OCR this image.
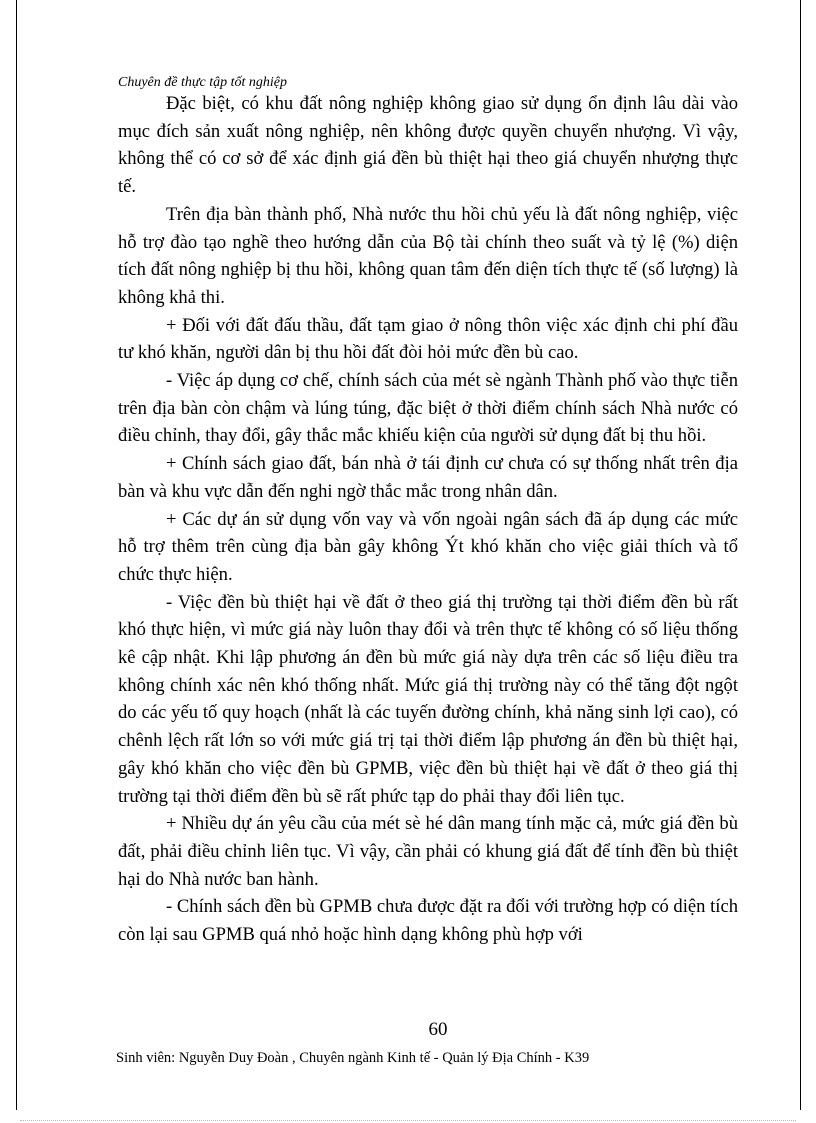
Chuyên đề thực tập tốt nghiệp

Đặc biệt, có khu đất nông nghiệp không giao sử dụng ổn định lâu dài vào mục đích sản xuất nông nghiệp, nên không được quyền chuyển nhượng. Vì vậy, không thể có cơ sở để xác định giá đền bù thiệt hại theo giá chuyển nhượng thực tế.

Trên địa bàn thành phố, Nhà nước thu hồi chủ yếu là đất nông nghiệp, việc hỗ trợ đào tạo nghề theo hướng dẫn của Bộ tài chính theo suất và tỷ lệ (%) diện tích đất nông nghiệp bị thu hồi, không quan tâm đến diện tích thực tế (số lượng) là không khả thi.

+ Đối với đất đấu thầu, đất tạm giao ở nông thôn việc xác định chi phí đầu tư khó khăn, người dân bị thu hồi đất đòi hỏi mức đền bù cao.

- Việc áp dụng cơ chế, chính sách của mét sè ngành Thành phố vào thực tiễn trên địa bàn còn chậm và lúng túng, đặc biệt ở thời điểm chính sách Nhà nước có điều chỉnh, thay đổi, gây thắc mắc khiếu kiện của người sử dụng đất bị thu hồi.

+ Chính sách giao đất, bán nhà ở tái định cư chưa có sự thống nhất trên địa bàn và khu vực dẫn đến nghi ngờ thắc mắc trong nhân dân.

+ Các dự án sử dụng vốn vay và vốn ngoài ngân sách đã áp dụng các mức hỗ trợ thêm trên cùng địa bàn gây không Ýt khó khăn cho việc giải thích và tổ chức thực hiện.

- Việc đền bù thiệt hại về đất ở theo giá thị trường tại thời điểm đền bù rất khó thực hiện, vì mức giá này luôn thay đổi và trên thực tế không có số liệu thống kê cập nhật. Khi lập phương án đền bù mức giá này dựa trên các số liệu điều tra không chính xác nên khó thống nhất. Mức giá thị trường này có thể tăng đột ngột do các yếu tố quy hoạch (nhất là các tuyến đường chính, khả năng sinh lợi cao), có chênh lệch rất lớn so với mức giá trị tại thời điểm lập phương án đền bù thiệt hại, gây khó khăn cho việc đền bù GPMB, việc đền bù thiệt hại về đất ở theo giá thị trường tại thời điểm đền bù sẽ rất phức tạp do phải thay đổi liên tục.

+ Nhiều dự án yêu cầu của mét sè hé dân mang tính mặc cả, mức giá đền bù đất, phải điều chỉnh liên tục. Vì vậy, cần phải có khung giá đất để tính đền bù thiệt hại do Nhà nước ban hành.

- Chính sách đền bù GPMB chưa được đặt ra đối với trường hợp có diện tích còn lại sau GPMB quá nhỏ hoặc hình dạng không phù hợp với

60
Sinh viên: Nguyễn Duy Đoàn , Chuyên ngành Kinh tế - Quản lý Địa Chính - K39
